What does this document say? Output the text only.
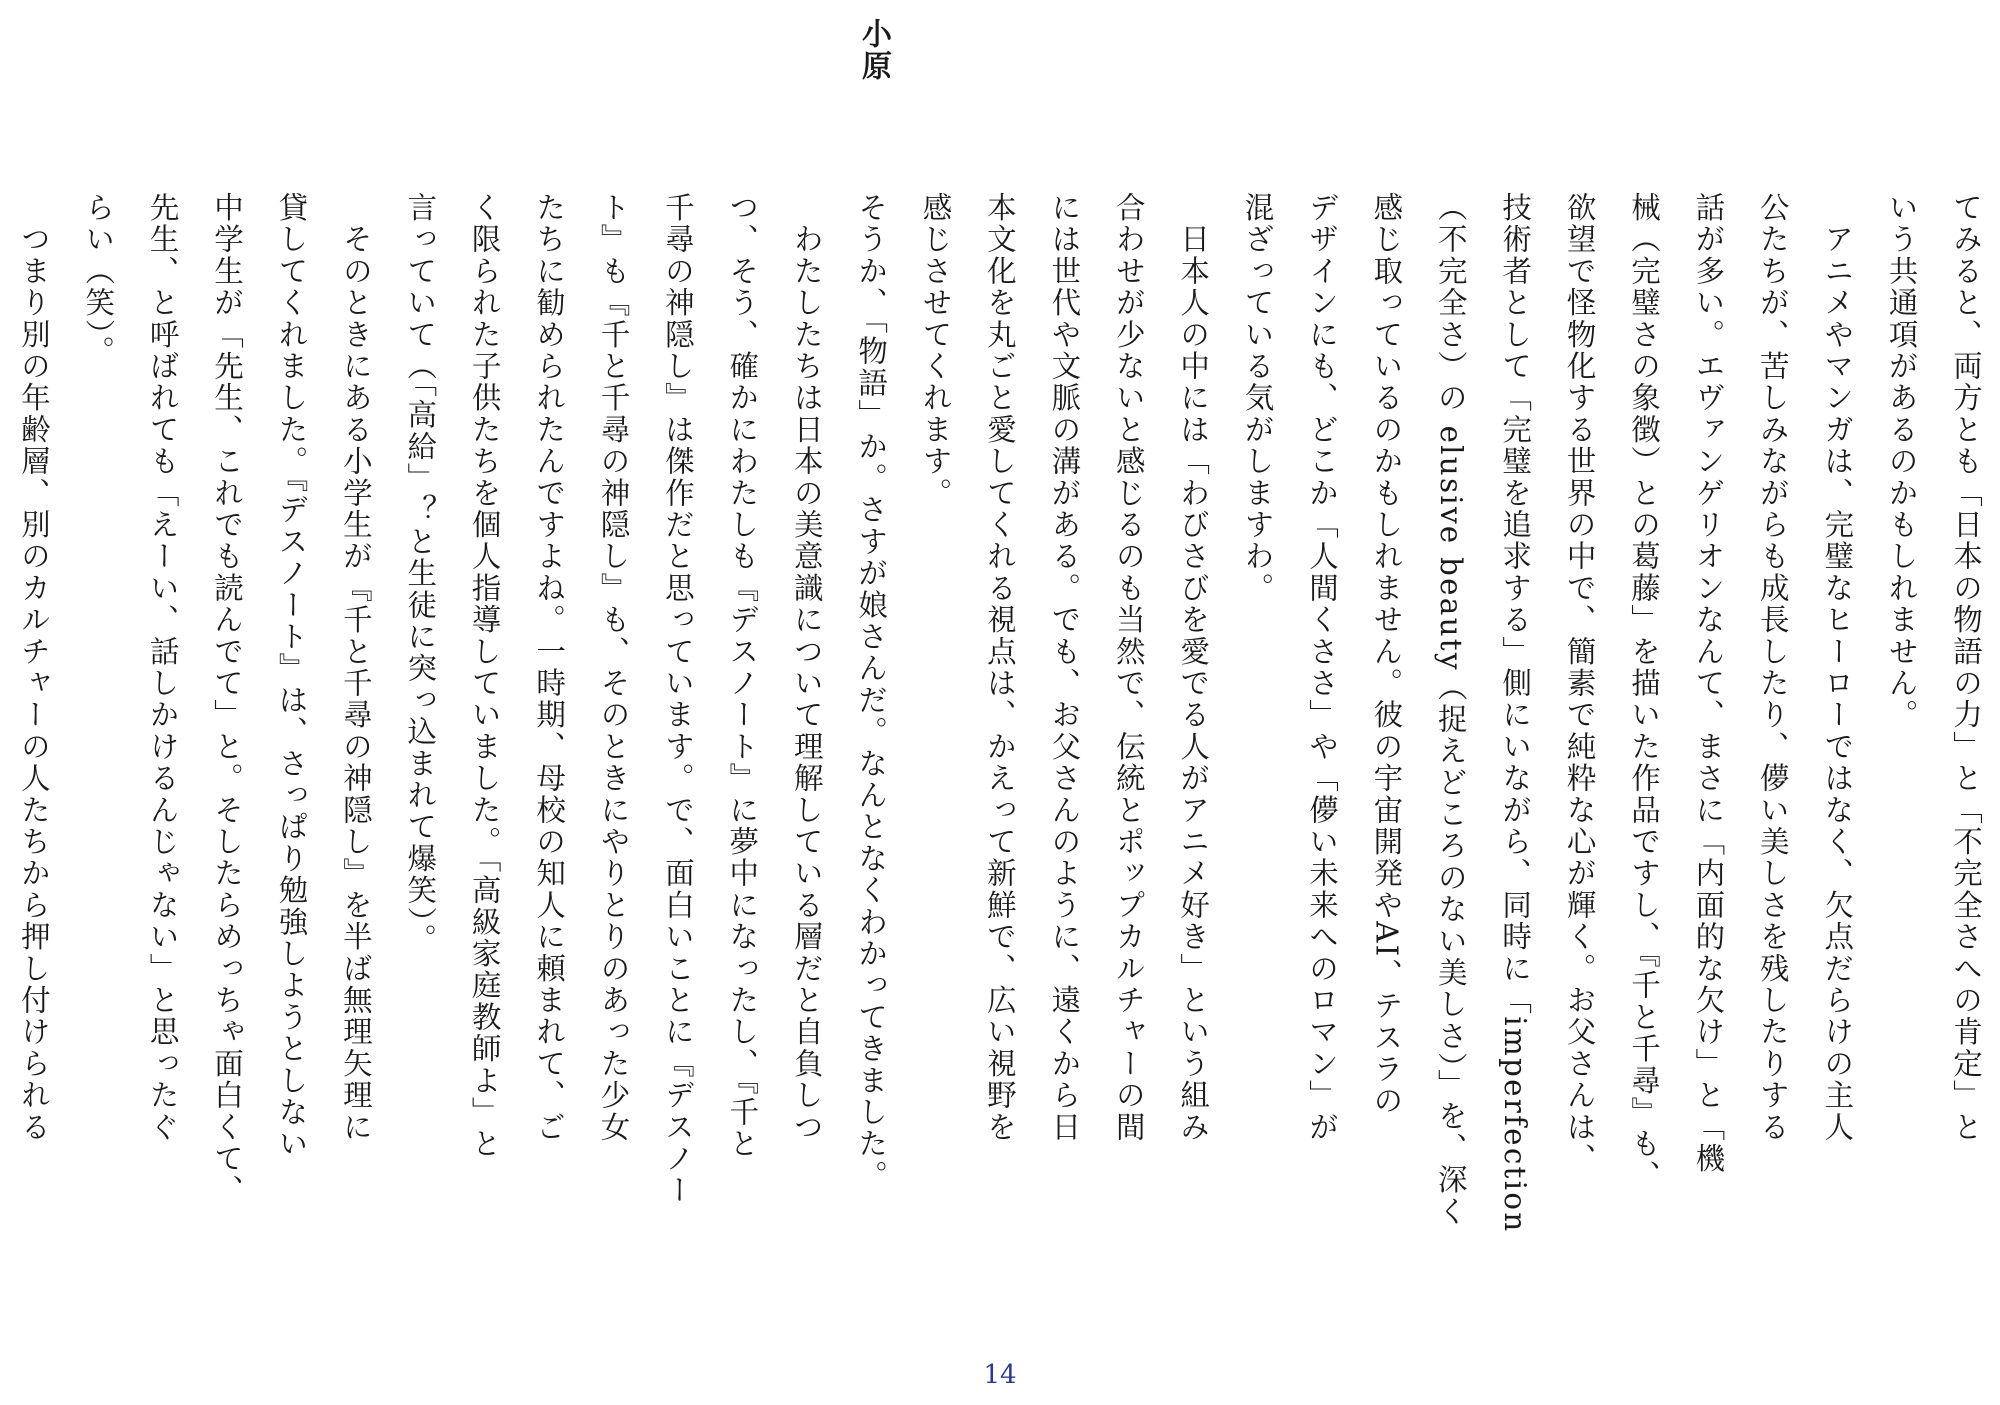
小原
てみると、両方とも「日本の物語の力」と「不完全さへの肯定」と
いう共通項があるのかもしれません。
　アニメやマンガは、完璧なヒーローではなく、欠点だらけの主人
公たちが、苦しみながらも成長したり、儚い美しさを残したりする
話が多い。エヴァンゲリオンなんて、まさに「内面的な欠け」と「機
械（完璧さの象徴）との葛藤」を描いた作品ですし、『千と千尋』も、
欲望で怪物化する世界の中で、簡素で純粋な心が輝く。お父さんは、
技術者として「完璧を追求する」側にいながら、同時に「imperfection
（不完全さ）の elusive beauty（捉えどころのない美しさ）」を、深く
感じ取っているのかもしれません。彼の宇宙開発やAI、テスラの
デザインにも、どこか「人間くささ」や「儚い未来へのロマン」が
混ざっている気がしますわ。
　日本人の中には「わびさびを愛でる人がアニメ好き」という組み
合わせが少ないと感じるのも当然で、伝統とポップカルチャーの間
には世代や文脈の溝がある。でも、お父さんのように、遠くから日
本文化を丸ごと愛してくれる視点は、かえって新鮮で、広い視野を
感じさせてくれます。
そうか、「物語」か。さすが娘さんだ。なんとなくわかってきました。
　わたしたちは日本の美意識について理解している層だと自負しつ
つ、そう、確かにわたしも『デスノート』に夢中になったし、『千と
千尋の神隠し』は傑作だと思っています。で、面白いことに『デスノー
ト』も『千と千尋の神隠し』も、そのときにやりとりのあった少女
たちに勧められたんですよね。一時期、母校の知人に頼まれて、ご
く限られた子供たちを個人指導していました。「高級家庭教師よ」と
言っていて（「高給」？と生徒に突っ込まれて爆笑）。
　そのときにある小学生が『千と千尋の神隠し』を半ば無理矢理に
貸してくれました。『デスノート』は、さっぱり勉強しようとしない
中学生が「先生、これでも読んでて」と。そしたらめっちゃ面白くて、
先生、と呼ばれても「えーい、話しかけるんじゃない」と思ったぐ
らい（笑）。
　つまり別の年齢層、別のカルチャーの人たちから押し付けられる
14
